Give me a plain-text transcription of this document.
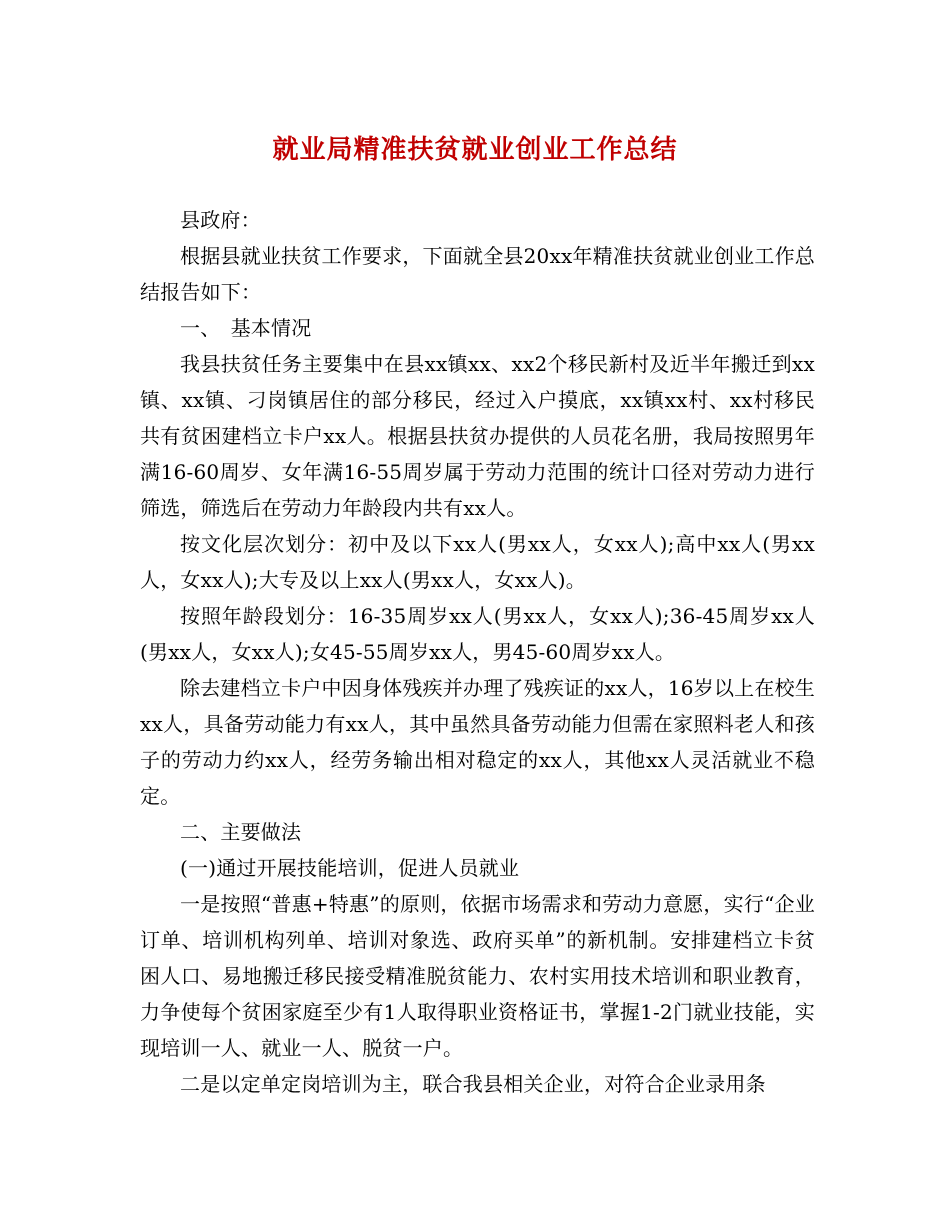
就业局精准扶贫就业创业工作总结

县政府：

根据县就业扶贫工作要求，下面就全县20xx年精准扶贫就业创业工作总结报告如下：

一、　基本情况

我县扶贫任务主要集中在县xx镇xx、xx2个移民新村及近半年搬迁到xx镇、xx镇、刁岗镇居住的部分移民，经过入户摸底，xx镇xx村、xx村移民共有贫困建档立卡户xx人。根据县扶贫办提供的人员花名册，我局按照男年满16-60周岁、女年满16-55周岁属于劳动力范围的统计口径对劳动力进行筛选，筛选后在劳动力年龄段内共有xx人。

按文化层次划分：初中及以下xx人(男xx人，女xx人);高中xx人(男xx人，女xx人);大专及以上xx人(男xx人，女xx人)。

按照年龄段划分：16-35周岁xx人(男xx人，女xx人);36-45周岁xx人(男xx人，女xx人);女45-55周岁xx人，男45-60周岁xx人。

除去建档立卡户中因身体残疾并办理了残疾证的xx人，16岁以上在校生xx人，具备劳动能力有xx人，其中虽然具备劳动能力但需在家照料老人和孩子的劳动力约xx人，经劳务输出相对稳定的xx人，其他xx人灵活就业不稳定。

二、主要做法

(一)通过开展技能培训，促进人员就业

一是按照“普惠+特惠”的原则，依据市场需求和劳动力意愿，实行“企业订单、培训机构列单、培训对象选、政府买单”的新机制。安排建档立卡贫困人口、易地搬迁移民接受精准脱贫能力、农村实用技术培训和职业教育，力争使每个贫困家庭至少有1人取得职业资格证书，掌握1-2门就业技能，实现培训一人、就业一人、脱贫一户。

二是以定单定岗培训为主，联合我县相关企业，对符合企业录用条
